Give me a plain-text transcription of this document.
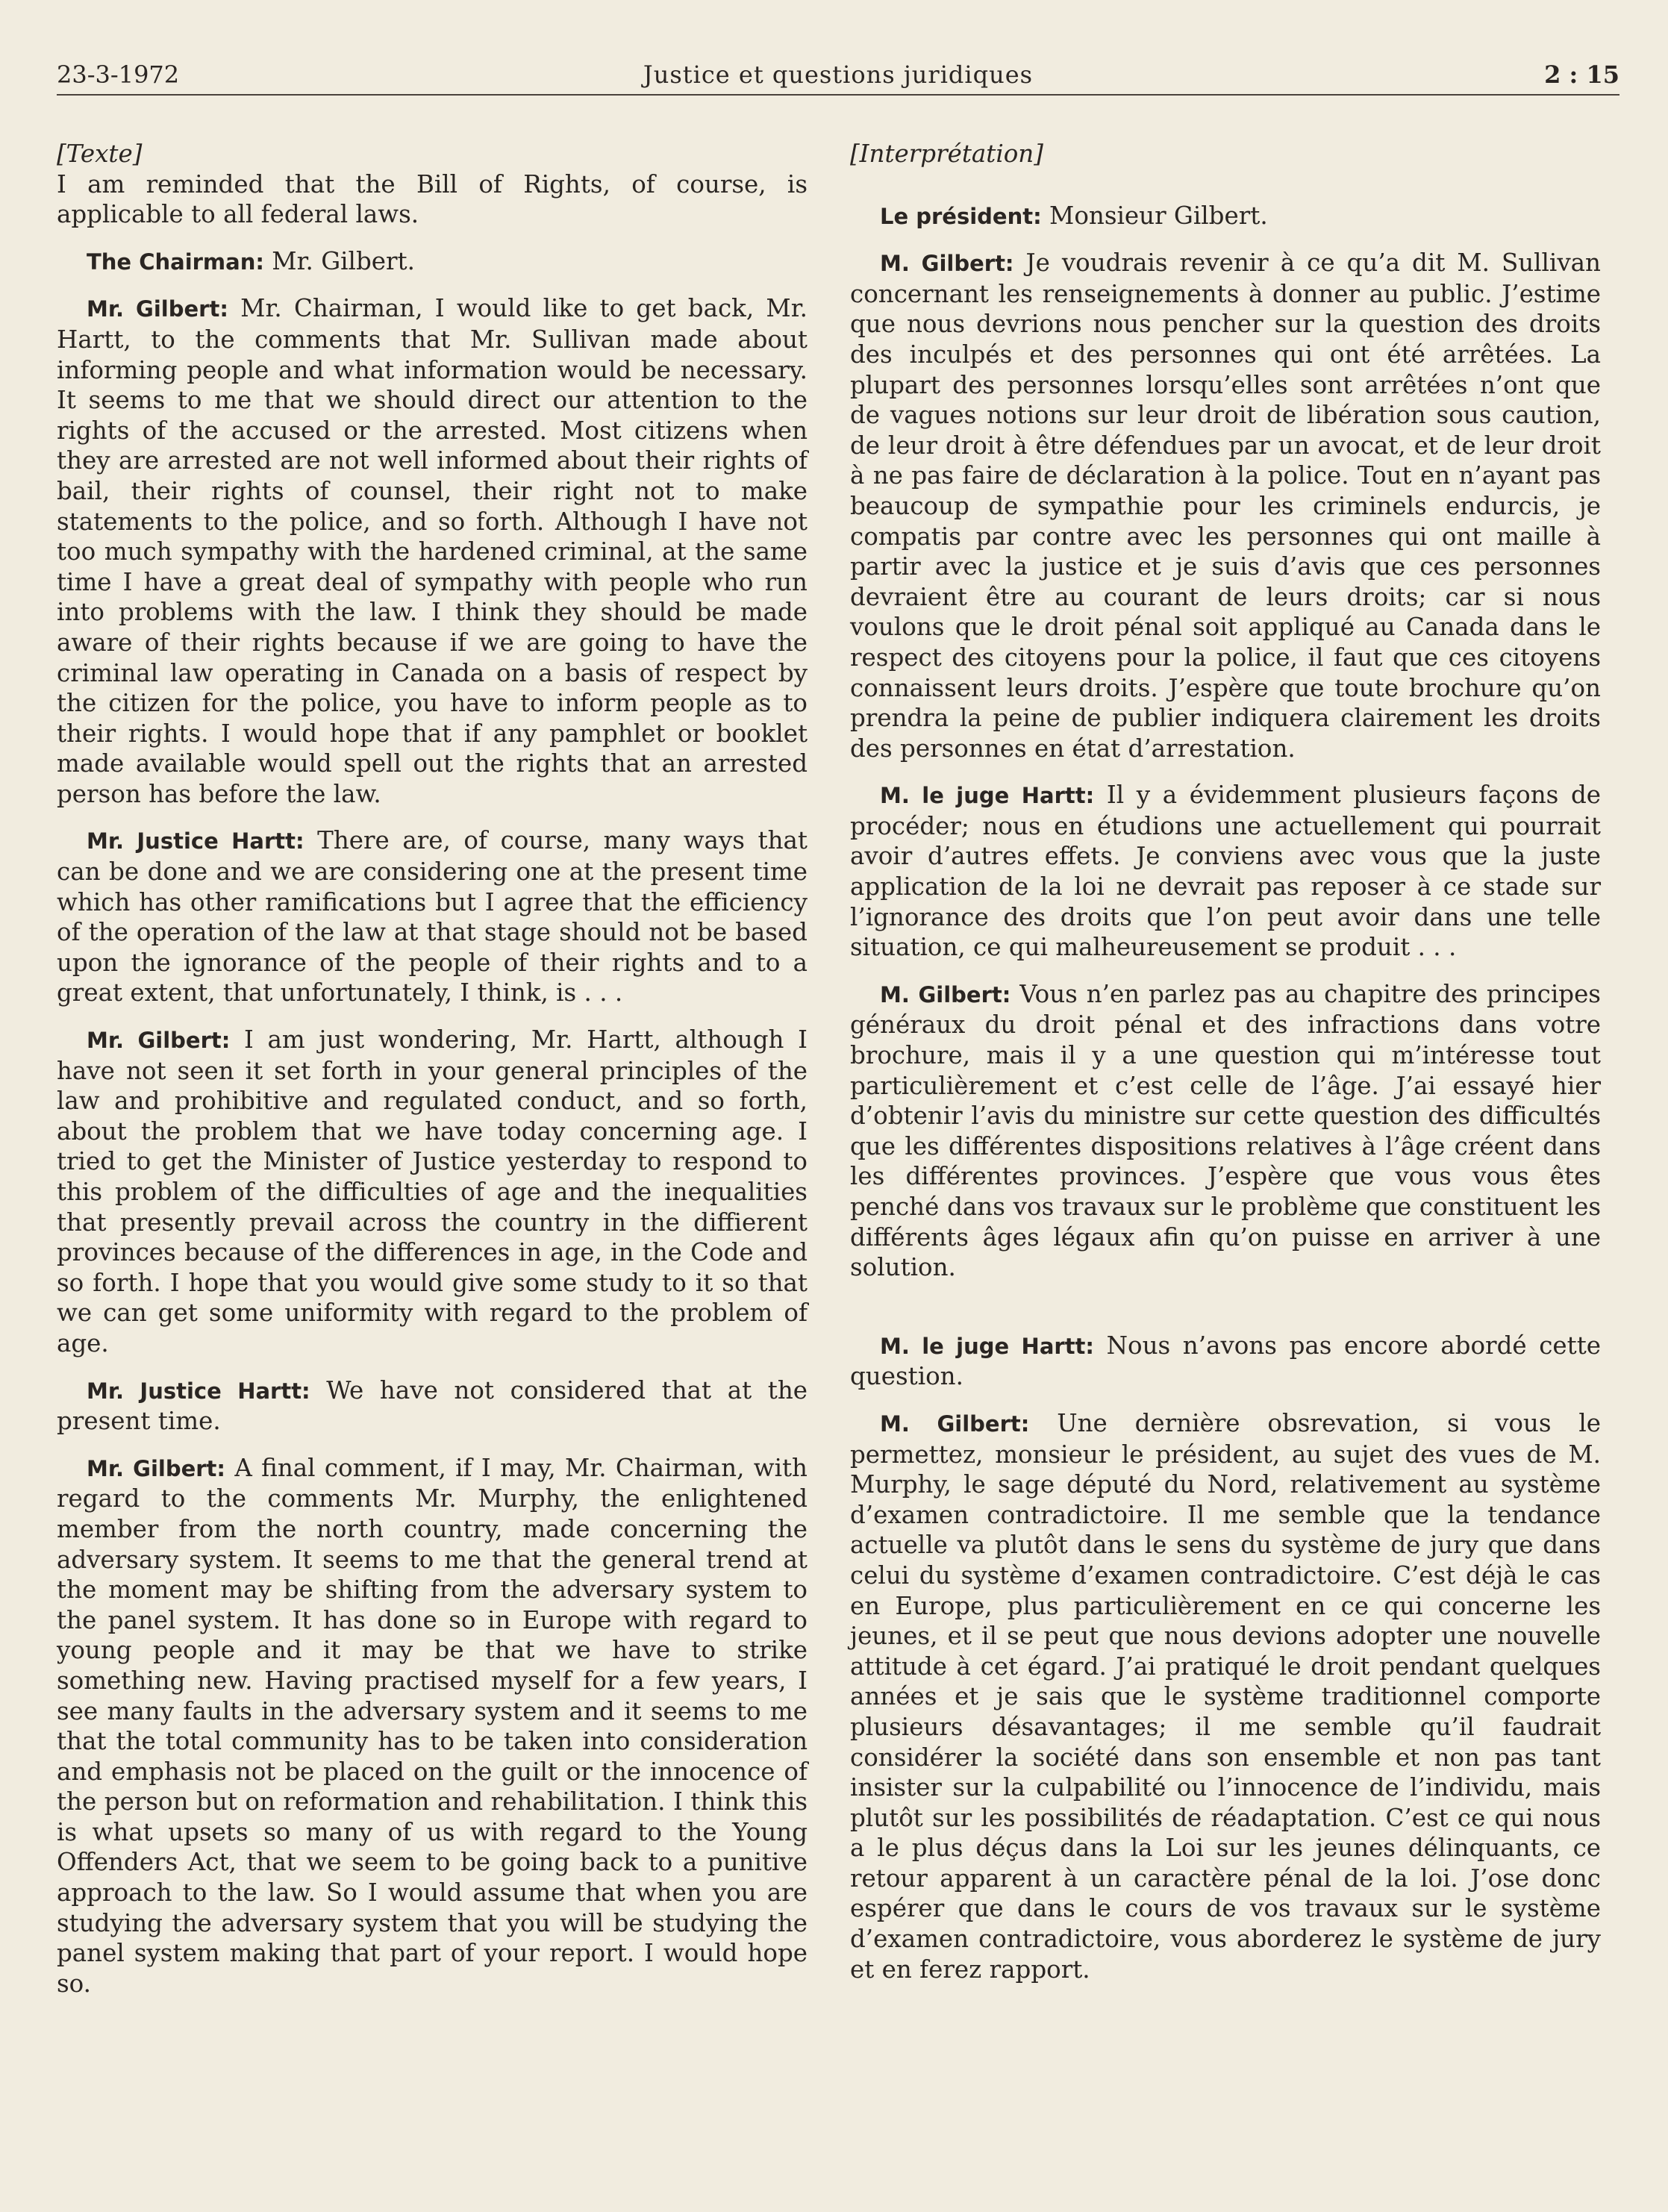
23-3-1972	Justice et questions juridiques	2 : 15

[Texte]

I am reminded that the Bill of Rights, of course, is applicable to all federal laws.

The Chairman: Mr. Gilbert.

Mr. Gilbert: Mr. Chairman, I would like to get back, Mr. Hartt, to the comments that Mr. Sullivan made about informing people and what information would be necessary. It seems to me that we should direct our attention to the rights of the accused or the arrested. Most citizens when they are arrested are not well informed about their rights of bail, their rights of counsel, their right not to make statements to the police, and so forth. Although I have not too much sympathy with the hardened criminal, at the same time I have a great deal of sympathy with people who run into problems with the law. I think they should be made aware of their rights because if we are going to have the criminal law operating in Canada on a basis of respect by the citizen for the police, you have to inform people as to their rights. I would hope that if any pamphlet or booklet made available would spell out the rights that an arrested person has before the law.

Mr. Justice Hartt: There are, of course, many ways that can be done and we are considering one at the present time which has other ramifications but I agree that the efficiency of the operation of the law at that stage should not be based upon the ignorance of the people of their rights and to a great extent, that unfortunately, I think, is . . .

Mr. Gilbert: I am just wondering, Mr. Hartt, although I have not seen it set forth in your general principles of the law and prohibitive and regulated conduct, and so forth, about the problem that we have today concerning age. I tried to get the Minister of Justice yesterday to respond to this problem of the difficulties of age and the inequalities that presently prevail across the country in the diffierent provinces because of the differences in age, in the Code and so forth. I hope that you would give some study to it so that we can get some uniformity with regard to the problem of age.

Mr. Justice Hartt: We have not considered that at the present time.

Mr. Gilbert: A final comment, if I may, Mr. Chairman, with regard to the comments Mr. Murphy, the enlightened member from the north country, made concerning the adversary system. It seems to me that the general trend at the moment may be shifting from the adversary system to the panel system. It has done so in Europe with regard to young people and it may be that we have to strike something new. Having practised myself for a few years, I see many faults in the adversary system and it seems to me that the total community has to be taken into consideration and emphasis not be placed on the guilt or the innocence of the person but on reformation and rehabilitation. I think this is what upsets so many of us with regard to the Young Offenders Act, that we seem to be going back to a punitive approach to the law. So I would assume that when you are studying the adversary system that you will be studying the panel system making that part of your report. I would hope so.

[Interprétation]

Le président: Monsieur Gilbert.

M. Gilbert: Je voudrais revenir à ce qu’a dit M. Sullivan concernant les renseignements à donner au public. J’estime que nous devrions nous pencher sur la question des droits des inculpés et des personnes qui ont été arrêtées. La plupart des personnes lorsqu’elles sont arrêtées n’ont que de vagues notions sur leur droit de libération sous caution, de leur droit à être défendues par un avocat, et de leur droit à ne pas faire de déclaration à la police. Tout en n’ayant pas beaucoup de sympathie pour les criminels endurcis, je compatis par contre avec les personnes qui ont maille à partir avec la justice et je suis d’avis que ces personnes devraient être au courant de leurs droits; car si nous voulons que le droit pénal soit appliqué au Canada dans le respect des citoyens pour la police, il faut que ces citoyens connaissent leurs droits. J’espère que toute brochure qu’on prendra la peine de publier indiquera clairement les droits des personnes en état d’arrestation.

M. le juge Hartt: Il y a évidemment plusieurs façons de procéder; nous en étudions une actuellement qui pourrait avoir d’autres effets. Je conviens avec vous que la juste application de la loi ne devrait pas reposer à ce stade sur l’ignorance des droits que l’on peut avoir dans une telle situation, ce qui malheureusement se produit . . .

M. Gilbert: Vous n’en parlez pas au chapitre des principes généraux du droit pénal et des infractions dans votre brochure, mais il y a une question qui m’intéresse tout particulièrement et c’est celle de l’âge. J’ai essayé hier d’obtenir l’avis du ministre sur cette question des difficultés que les différentes dispositions relatives à l’âge créent dans les différentes provinces. J’espère que vous vous êtes penché dans vos travaux sur le problème que constituent les différents âges légaux afin qu’on puisse en arriver à une solution.

M. le juge Hartt: Nous n’avons pas encore abordé cette question.

M. Gilbert: Une dernière obsrevation, si vous le permettez, monsieur le président, au sujet des vues de M. Murphy, le sage député du Nord, relativement au système d’examen contradictoire. Il me semble que la tendance actuelle va plutôt dans le sens du système de jury que dans celui du système d’examen contradictoire. C’est déjà le cas en Europe, plus particulièrement en ce qui concerne les jeunes, et il se peut que nous devions adopter une nouvelle attitude à cet égard. J’ai pratiqué le droit pendant quelques années et je sais que le système traditionnel comporte plusieurs désavantages; il me semble qu’il faudrait considérer la société dans son ensemble et non pas tant insister sur la culpabilité ou l’innocence de l’individu, mais plutôt sur les possibilités de réadaptation. C’est ce qui nous a le plus déçus dans la Loi sur les jeunes délinquants, ce retour apparent à un caractère pénal de la loi. J’ose donc espérer que dans le cours de vos travaux sur le système d’examen contradictoire, vous aborderez le système de jury et en ferez rapport.
